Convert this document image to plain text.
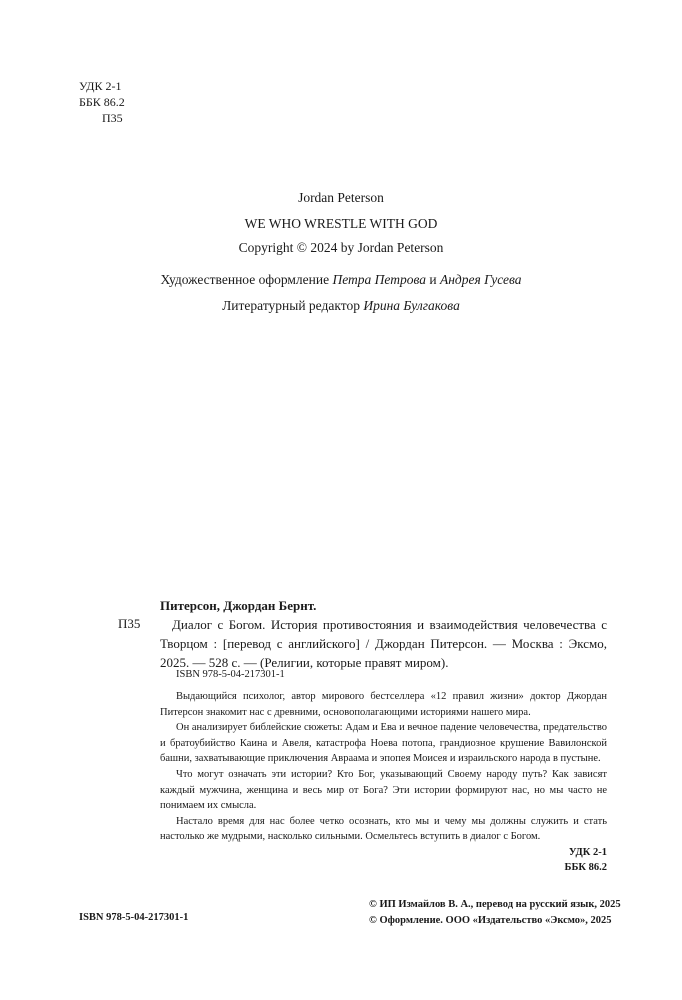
УДК 2-1
ББК 86.2
П35
Jordan Peterson
WE WHO WRESTLE WITH GOD
Copyright © 2024 by Jordan Peterson
Художественное оформление Петра Петрова и Андрея Гусева
Литературный редактор Ирина Булгакова
Питерсон, Джордан Бернт.
П35	Диалог с Богом. История противостояния и взаимодействия человечества с Творцом : [перевод с английского] / Джордан Питерсон. — Москва : Эксмо, 2025. — 528 с. — (Религии, которые правят миром).
ISBN 978-5-04-217301-1

Выдающийся психолог, автор мирового бестселлера «12 правил жизни» доктор Джордан Питерсон знакомит нас с древними, основополагающими историями нашего мира.

Он анализирует библейские сюжеты: Адам и Ева и вечное падение человечества, предательство и братоубийство Каина и Авеля, катастрофа Ноева потопа, грандиозное крушение Вавилонской башни, захватывающие приключения Авраама и эпопея Моисея и израильского народа в пустыне.

Что могут означать эти истории? Кто Бог, указывающий Своему народу путь? Как зависят каждый мужчина, женщина и весь мир от Бога? Эти истории формируют нас, но мы часто не понимаем их смысла.

Настало время для нас более четко осознать, кто мы и чему мы должны служить и стать настолько же мудрыми, насколько сильными. Осмельтесь вступить в диалог с Богом.

УДК 2-1
ББК 86.2
ISBN 978-5-04-217301-1
© ИП Измайлов В. А., перевод на русский язык, 2025
© Оформление. ООО «Издательство «Эксмо», 2025
